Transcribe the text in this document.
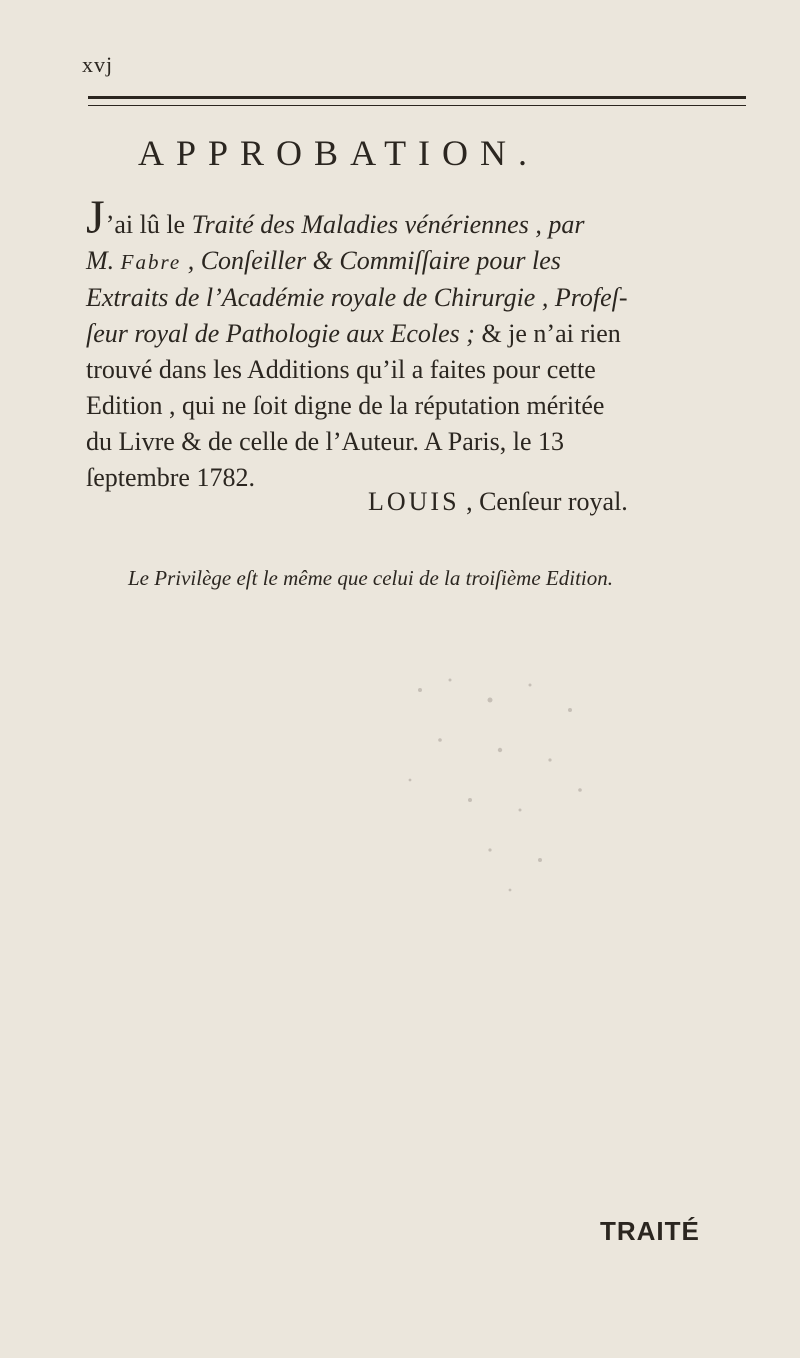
xvj
APPROBATION.
J’ai lû le Traité des Maladies vénériennes , par
M. Fabre , Conſeiller & Commiſſaire pour les
Extraits de l’Académie royale de Chirurgie , Profeſ-
ſeur royal de Pathologie aux Ecoles ; & je n’ai rien
trouvé dans les Additions qu’il a faites pour cette
Edition , qui ne ſoit digne de la réputation méritée
du Livre & de celle de l’Auteur. A Paris, le 13
ſeptembre 1782.
LOUIS , Cenſeur royal.
Le Privilège eſt le même que celui de la troiſième Edition.
TRAITÉ
